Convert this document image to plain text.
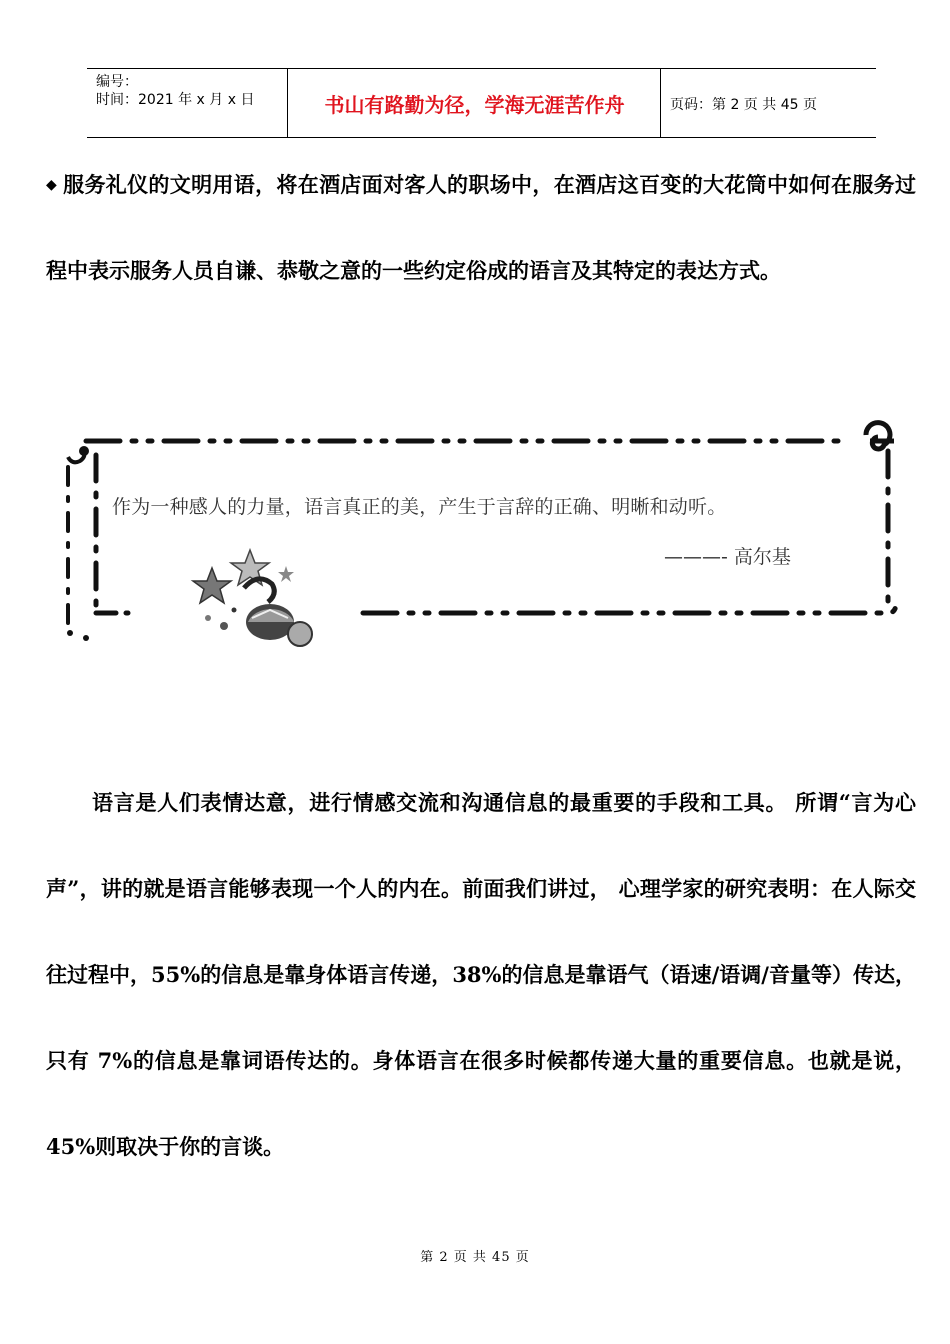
编号：
时间：2021 年 x 月 x 日	书山有路勤为径，学海无涯苦作舟	页码：第 2 页 共 45 页
◆ 服务礼仪的文明用语，将在酒店面对客人的职场中，在酒店这百变的大花筒中如何在服务过程中表示服务人员自谦、恭敬之意的一些约定俗成的语言及其特定的表达方式。
作为一种感人的力量，语言真正的美，产生于言辞的正确、明晰和动听。
———- 高尔基
语言是人们表情达意，进行情感交流和沟通信息的最重要的手段和工具。 所谓“言为心声”，讲的就是语言能够表现一个人的内在。前面我们讲过， 心理学家的研究表明：在人际交往过程中，55%的信息是靠身体语言传递，38%的信息是靠语气（语速/语调/音量等）传达，只有 7%的信息是靠词语传达的。身体语言在很多时候都传递大量的重要信息。也就是说，45%则取决于你的言谈。
第 2 页 共 45 页
